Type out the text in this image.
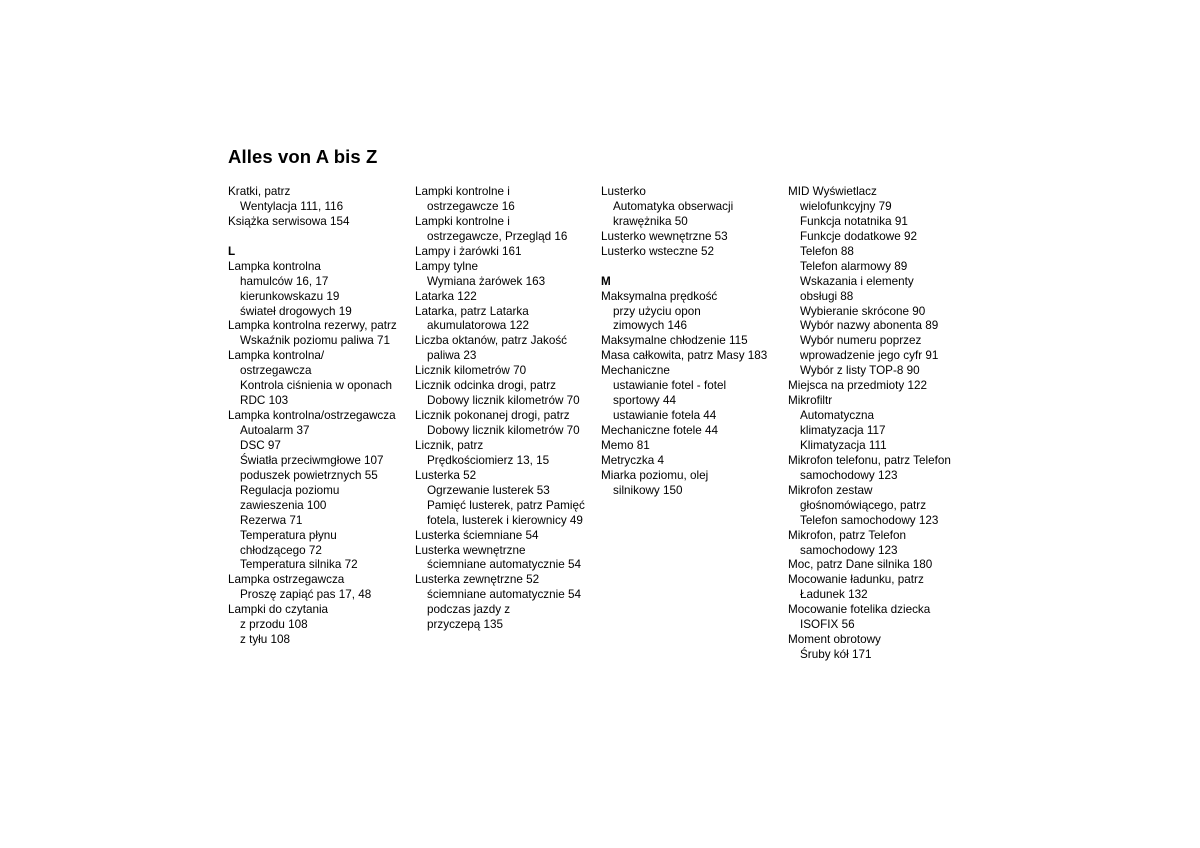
Alles von A bis Z
Kratki, patrz
Wentylacja 111, 116
Książka serwisowa 154
L
Lampka kontrolna
hamulców 16, 17
kierunkowskazu 19
świateł drogowych 19
Lampka kontrolna rezerwy, patrz
Wskaźnik poziomu paliwa 71
Lampka kontrolna/
ostrzegawcza
Kontrola ciśnienia w oponach
RDC 103
Lampka kontrolna/ostrzegawcza
Autoalarm 37
DSC 97
Światła przeciwmgłowe 107
poduszek powietrznych 55
Regulacja poziomu
zawieszenia 100
Rezerwa 71
Temperatura płynu
chłodzącego 72
Temperatura silnika 72
Lampka ostrzegawcza
Proszę zapiąć pas 17, 48
Lampki do czytania
z przodu 108
z tyłu 108
Lampki kontrolne i
ostrzegawcze 16
Lampki kontrolne i
ostrzegawcze, Przegląd 16
Lampy i żarówki 161
Lampy tylne
Wymiana żarówek 163
Latarka 122
Latarka, patrz Latarka
akumulatorowa 122
Liczba oktanów, patrz Jakość
paliwa 23
Licznik kilometrów 70
Licznik odcinka drogi, patrz
Dobowy licznik kilometrów 70
Licznik pokonanej drogi, patrz
Dobowy licznik kilometrów 70
Licznik, patrz
Prędkościomierz 13, 15
Lusterka 52
Ogrzewanie lusterek 53
Pamięć lusterek, patrz Pamięć
fotela, lusterek i kierownicy 49
Lusterka ściemniane 54
Lusterka wewnętrzne
ściemniane automatycznie 54
Lusterka zewnętrzne 52
ściemniane automatycznie 54
podczas jazdy z
przyczepą 135
Lusterko
Automatyka obserwacji
krawężnika 50
Lusterko wewnętrzne 53
Lusterko wsteczne 52
M
Maksymalna prędkość
przy użyciu opon
zimowych 146
Maksymalne chłodzenie 115
Masa całkowita, patrz Masy 183
Mechaniczne
ustawianie fotel - fotel
sportowy 44
ustawianie fotela 44
Mechaniczne fotele 44
Memo 81
Metryczka 4
Miarka poziomu, olej
silnikowy 150
MID Wyświetlacz
wielofunkcyjny 79
Funkcja notatnika 91
Funkcje dodatkowe 92
Telefon 88
Telefon alarmowy 89
Wskazania i elementy
obsługi 88
Wybieranie skrócone 90
Wybór nazwy abonenta 89
Wybór numeru poprzez
wprowadzenie jego cyfr 91
Wybór z listy TOP-8 90
Miejsca na przedmioty 122
Mikrofiltr
Automatyczna
klimatyzacja 117
Klimatyzacja 111
Mikrofon telefonu, patrz Telefon
samochodowy 123
Mikrofon zestaw
głośnomówiącego, patrz
Telefon samochodowy 123
Mikrofon, patrz Telefon
samochodowy 123
Moc, patrz Dane silnika 180
Mocowanie ładunku, patrz
Ładunek 132
Mocowanie fotelika dziecka
ISOFIX 56
Moment obrotowy
Śruby kół 171
